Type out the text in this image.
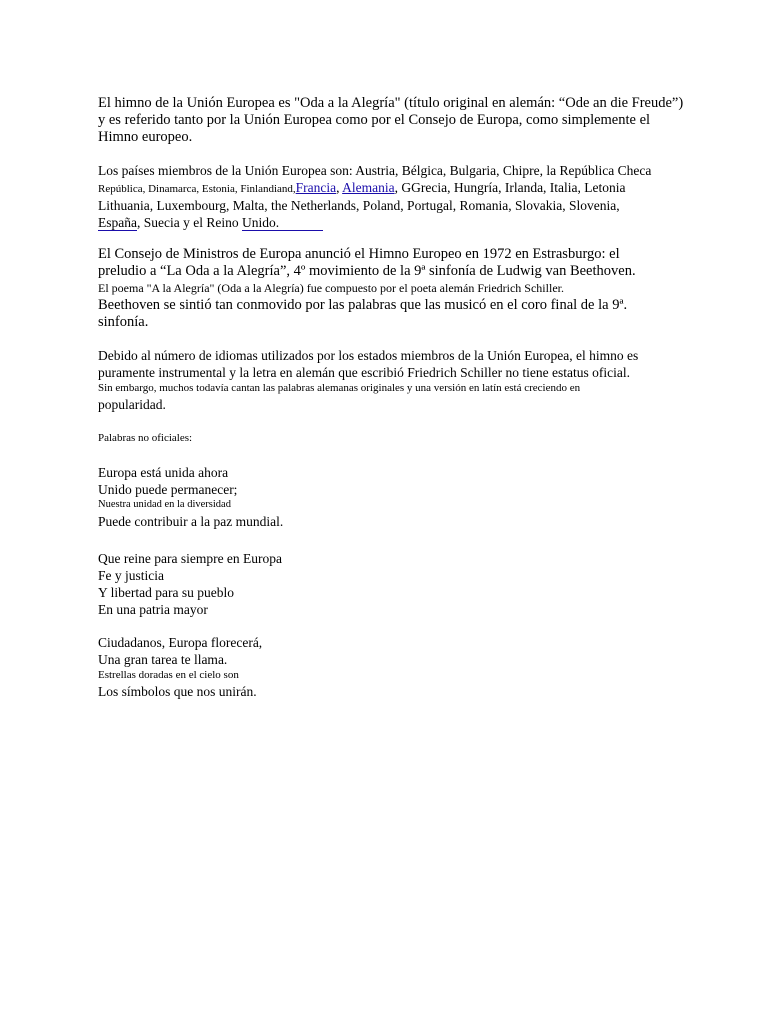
El himno de la Unión Europea es "Oda a la Alegría" (título original en alemán: “Ode an die Freude”)
y es referido tanto por la Unión Europea como por el Consejo de Europa, como simplemente el
Himno europeo.
Los países miembros de la Unión Europea son: Austria, Bélgica, Bulgaria, Chipre, la República Checa
República, Dinamarca, Estonia, Finlandiand,Francia, Alemania, GGrecia, Hungría, Irlanda, Italia, Letonia
Lithuania, Luxembourg, Malta, the Netherlands, Poland, Portugal, Romania, Slovakia, Slovenia,
España, Suecia y el Reino Unido.
El Consejo de Ministros de Europa anunció el Himno Europeo en 1972 en Estrasburgo: el
preludio a “La Oda a la Alegría”, 4º movimiento de la 9ª sinfonía de Ludwig van Beethoven.
El poema "A la Alegría" (Oda a la Alegría) fue compuesto por el poeta alemán Friedrich Schiller.
Beethoven se sintió tan conmovido por las palabras que las musicó en el coro final de la 9ª.
sinfonía.
Debido al número de idiomas utilizados por los estados miembros de la Unión Europea, el himno es
puramente instrumental y la letra en alemán que escribió Friedrich Schiller no tiene estatus oficial.
Sin embargo, muchos todavía cantan las palabras alemanas originales y una versión en latín está creciendo en
popularidad.
Palabras no oficiales:
Europa está unida ahora
Unido puede permanecer;
Nuestra unidad en la diversidad
Puede contribuir a la paz mundial.
Que reine para siempre en Europa
Fe y justicia
Y libertad para su pueblo
En una patria mayor
Ciudadanos, Europa florecerá,
Una gran tarea te llama.
Estrellas doradas en el cielo son
Los símbolos que nos unirán.
